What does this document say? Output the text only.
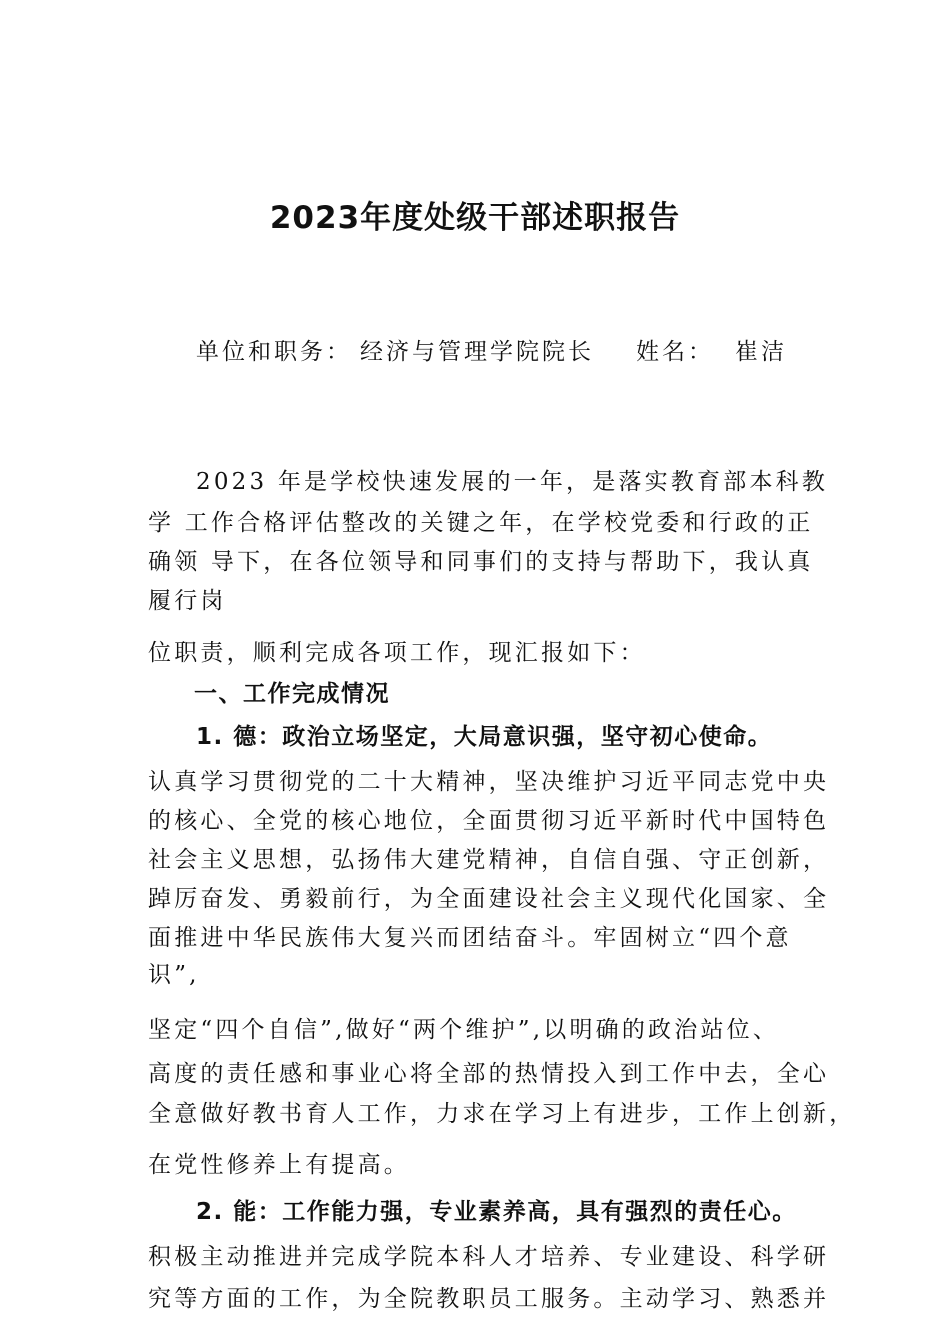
2023年度处级干部述职报告
单位和职务： 经济与管理学院院长 姓名： 崔洁
2023 年是学校快速发展的一年，是落实教育部本科教
学 工作合格评估整改的关键之年，在学校党委和行政的正
确领 导下，在各位领导和同事们的支持与帮助下，我认真
履行岗
位职责，顺利完成各项工作，现汇报如下：
一、工作完成情况
1. 德：政治立场坚定，大局意识强，坚守初心使命。
认真学习贯彻党的二十大精神，坚决维护习近平同志党中央
的核心、全党的核心地位，全面贯彻习近平新时代中国特色
社会主义思想，弘扬伟大建党精神，自信自强、守正创新，
踔厉奋发、勇毅前行，为全面建设社会主义现代化国家、全
面推进中华民族伟大复兴而团结奋斗。牢固树立“四个意
识”,
坚定“四个自信”,做好“两个维护”,以明确的政治站位、
高度的责任感和事业心将全部的热情投入到工作中去，全心
全意做好教书育人工作，力求在学习上有进步，工作上创新，
在党性修养上有提高。
2. 能：工作能力强，专业素养高，具有强烈的责任心。
积极主动推进并完成学院本科人才培养、专业建设、科学研
究等方面的工作，为全院教职员工服务。主动学习、熟悉并
